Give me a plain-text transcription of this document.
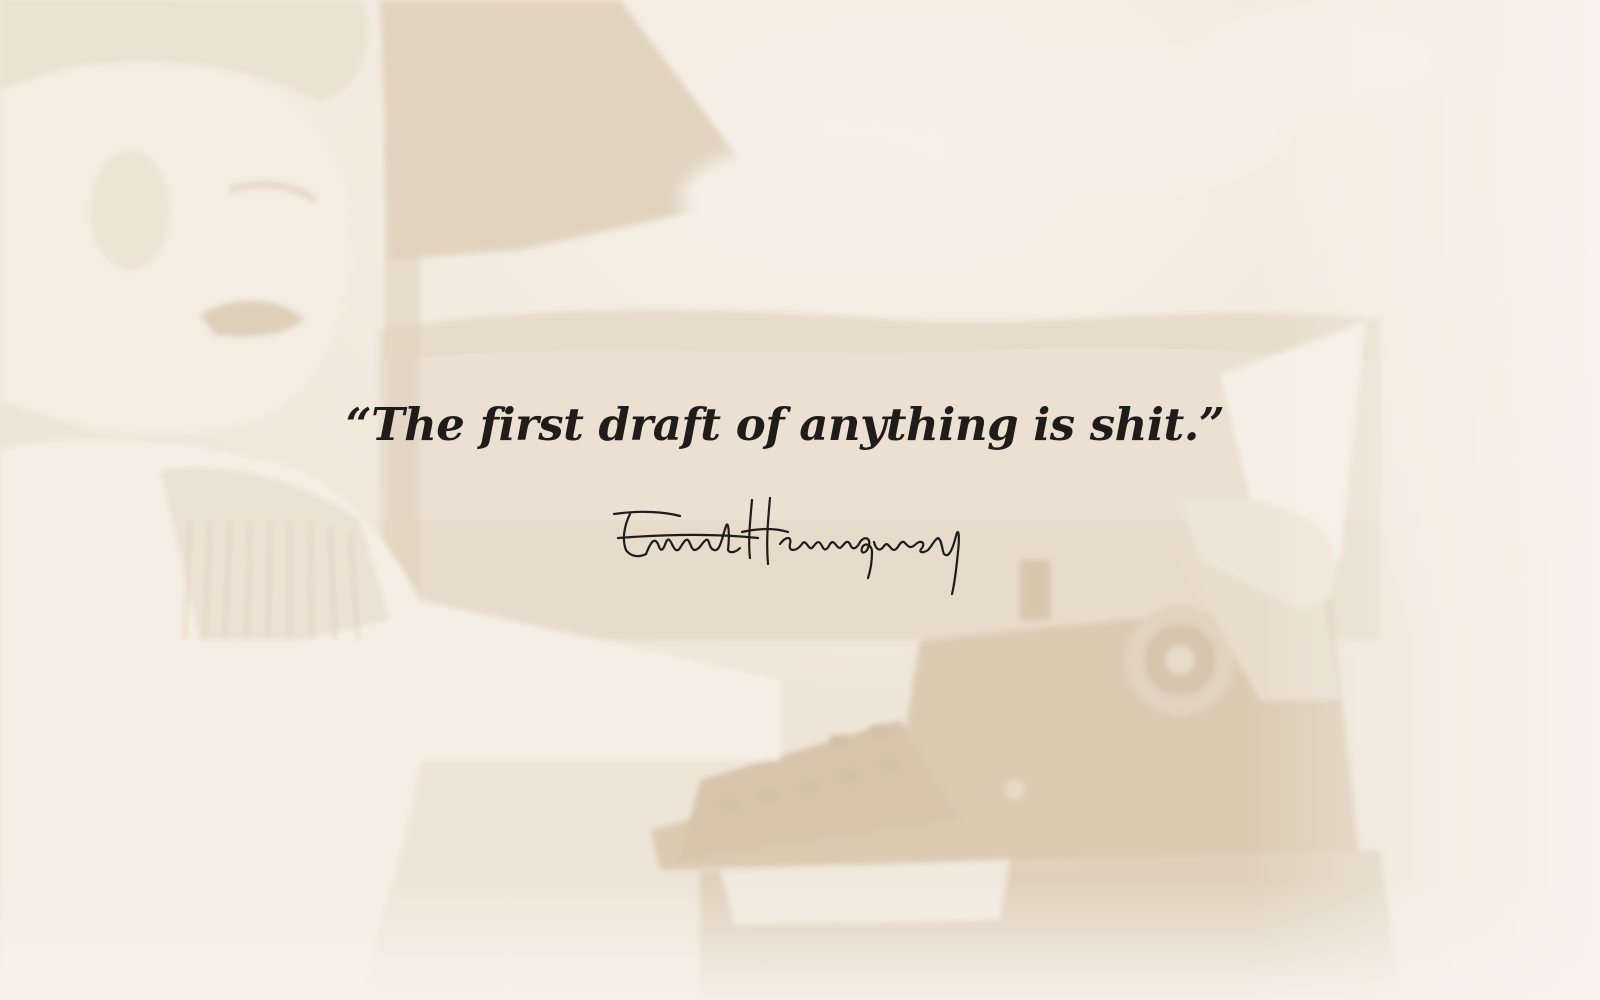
“The first draft of anything is shit.”
